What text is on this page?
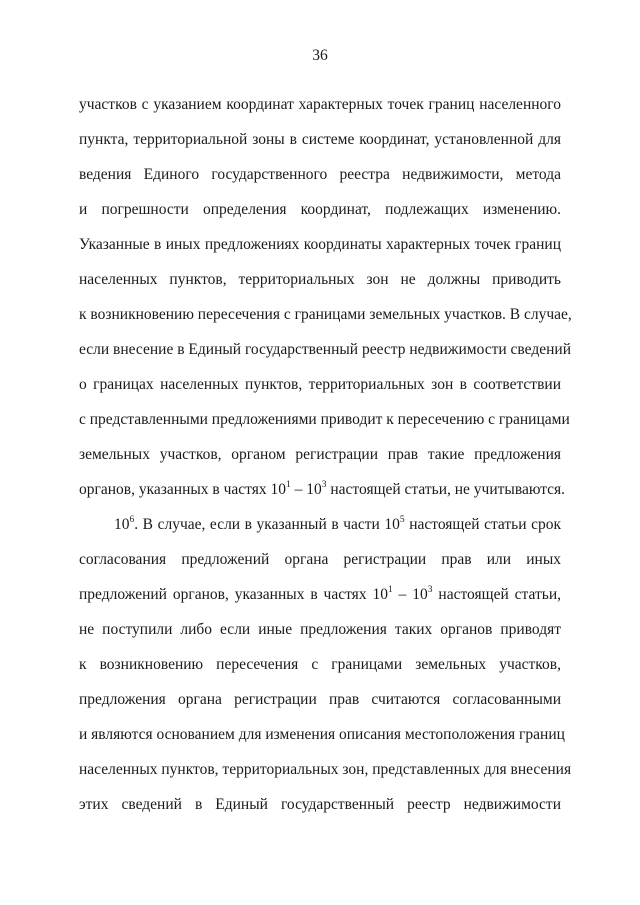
36
участков с указанием координат характерных точек границ населенного
пункта, территориальной зоны в системе координат, установленной для
ведения Единого государственного реестра недвижимости, метода
и погрешности определения координат, подлежащих изменению.
Указанные в иных предложениях координаты характерных точек границ
населенных пунктов, территориальных зон не должны приводить
к возникновению пересечения с границами земельных участков. В случае,
если внесение в Единый государственный реестр недвижимости сведений
о границах населенных пунктов, территориальных зон в соответствии
с представленными предложениями приводит к пересечению с границами
земельных участков, органом регистрации прав такие предложения
органов, указанных в частях $10^1 - 10^3$ настоящей статьи, не учитываются.
$10^6$. В случае, если в указанный в части $10^5$ настоящей статьи срок
согласования предложений органа регистрации прав или иных
предложений органов, указанных в частях $10^1 - 10^3$ настоящей статьи,
не поступили либо если иные предложения таких органов приводят
к возникновению пересечения с границами земельных участков,
предложения органа регистрации прав считаются согласованными
и являются основанием для изменения описания местоположения границ
населенных пунктов, территориальных зон, представленных для внесения
этих сведений в Единый государственный реестр недвижимости
